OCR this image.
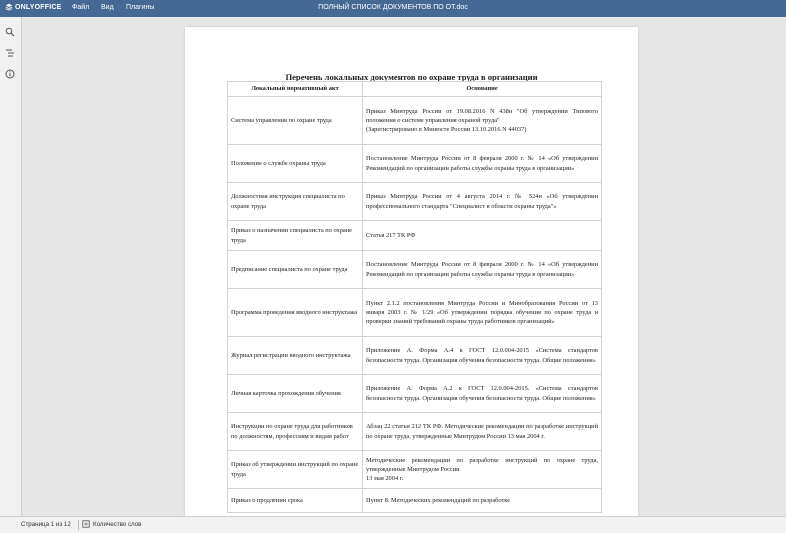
ONLYOFFICE Файл Вид Плагины	ПОЛНЫЙ СПИСОК ДОКУМЕНТОВ ПО ОТ.doc
Перечень локальных документов по охране труда в организации
Локальный нормативный акт	Основание
Система управления по охране труда	Приказ Минтруда России от 19.08.2016 N 438н "Об утверждении Типового положения о системе управления охраной труда"
(Зарегистрировано в Минюсте России 13.10.2016 N 44037)
Положение о службе охраны труда	Постановление Минтруда России от 8 февраля 2000 г. № 14 «Об утверждении Рекомендаций по организации работы службы охраны труда в организации»
Должностная инструкция специалиста по охране труда	Приказ Минтруда России от 4 августа 2014 г. № 524н «Об утверждении профессионального стандарта "Специалист в области охраны труда"»
Приказ о назначении специалиста по охране труда	Статья 217 ТК РФ
Предписание специалиста по охране труда	Постановление Минтруда России от 8 февраля 2000 г. № 14 «Об утверждении Рекомендаций по организации работы службы охраны труда в организации»
Программа проведения вводного инструктажа	Пункт 2.1.2 постановления Минтруда России и Минобразования России от 13 января 2003 г. № 1/29 «Об утверждении порядка обучения по охране труда и проверки знаний требований охраны труда работников организаций»
Журнал регистрации вводного инструктажа	Приложение А. Форма А.4 к ГОСТ 12.0.004-2015 «Система стандартов безопасности труда. Организация обучения безопасности труда. Общие положения»
Личная карточка прохождения обучения	Приложение А. Форма А.2 к ГОСТ 12.0.004-2015. «Система стандартов безопасности труда. Организация обучения безопасности труда. Общие положения»
Инструкции по охране труда для работников по должностям, профессиям и видам работ	Абзац 22 статьи 212 ТК РФ. Методические рекомендации по разработке инструкций по охране труда, утвержденные Минтрудом России 13 мая 2004 г.
Приказ об утверждении инструкций по охране труда	Методические рекомендации по разработке инструкций по охране труда, утвержденные Минтрудом России
13 мая 2004 г.
Приказ о продлении срока	Пункт 8. Методических рекомендаций по разработке
Страница 1 из 12	Количество слов
